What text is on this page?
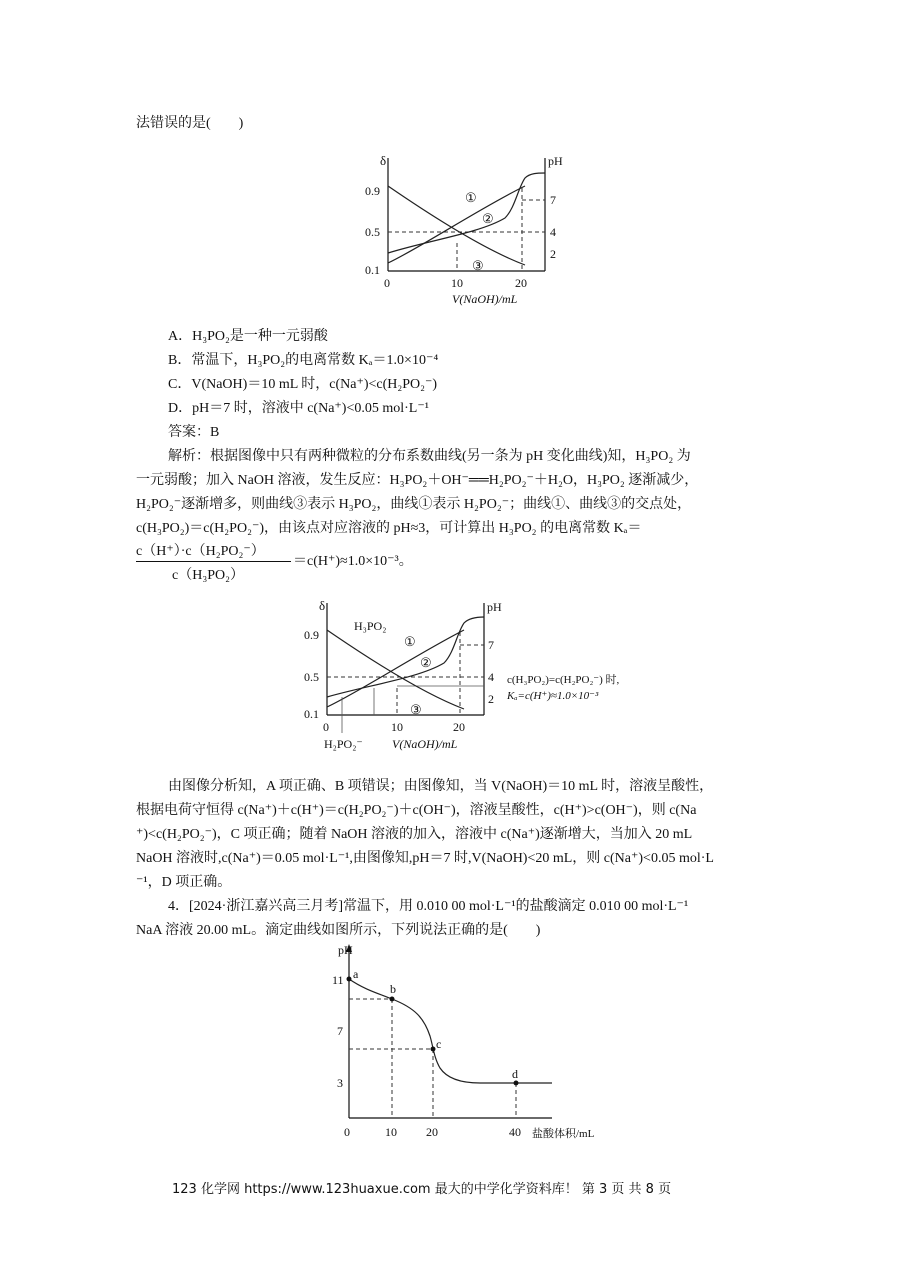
法错误的是(　　)
δ
0.9
0.5
0.1
pH
7
4
2
0	10	20
V(NaOH)/mL
①
②
③
A．H₃PO₂是一种一元弱酸
B．常温下，H₃PO₂的电离常数 Kₐ＝1.0×10⁻⁴
C．V(NaOH)＝10 mL 时，c(Na⁺)<c(H₂PO₂⁻)
D．pH＝7 时，溶液中 c(Na⁺)<0.05 mol·L⁻¹
答案：B
解析：根据图像中只有两种微粒的分布系数曲线(另一条为 pH 变化曲线)知，H₃PO₂ 为
一元弱酸；加入 NaOH 溶液，发生反应：H₃PO₂＋OH⁻══H₂PO₂⁻＋H₂O，H₃PO₂ 逐渐减少，
H₂PO₂⁻逐渐增多，则曲线③表示 H₃PO₂，曲线①表示 H₂PO₂⁻；曲线①、曲线③的交点处，
c(H₃PO₂)＝c(H₂PO₂⁻)，由该点对应溶液的 pH≈3，可计算出 H₃PO₂ 的电离常数 Kₐ＝
c（H⁺）·c（H₂PO₂⁻）
c（H₃PO₂）
＝c(H⁺)≈1.0×10⁻³。
δ
0.9
0.5
0.1
pH
7
4
2
0	10	20
H₂PO₂⁻ V(NaOH)/mL
H₃PO₂
①
②
③
c(H₃PO₂)=c(H₂PO₂⁻) 时,
Kₐ=c(H⁺)≈1.0×10⁻³
由图像分析知，A 项正确、B 项错误；由图像知，当 V(NaOH)＝10 mL 时，溶液呈酸性，
根据电荷守恒得 c(Na⁺)＋c(H⁺)＝c(H₂PO₂⁻)＋c(OH⁻)，溶液呈酸性，c(H⁺)>c(OH⁻)，则 c(Na
⁺)<c(H₂PO₂⁻)，C 项正确；随着 NaOH 溶液的加入，溶液中 c(Na⁺)逐渐增大，当加入 20 mL
NaOH 溶液时,c(Na⁺)＝0.05 mol·L⁻¹,由图像知,pH＝7 时,V(NaOH)<20 mL，则 c(Na⁺)<0.05 mol·L
⁻¹，D 项正确。
4．[2024·浙江嘉兴高三月考]常温下，用 0.010 00 mol·L⁻¹的盐酸滴定 0.010 00 mol·L⁻¹
NaA 溶液 20.00 mL。滴定曲线如图所示，下列说法正确的是(　　)
a
b
c
d
pH
11
7
3
0	10 20	40 盐酸体积/mL
123 化学网 https://www.123huaxue.com 最大的中学化学资料库！ 第 3 页 共 8 页
